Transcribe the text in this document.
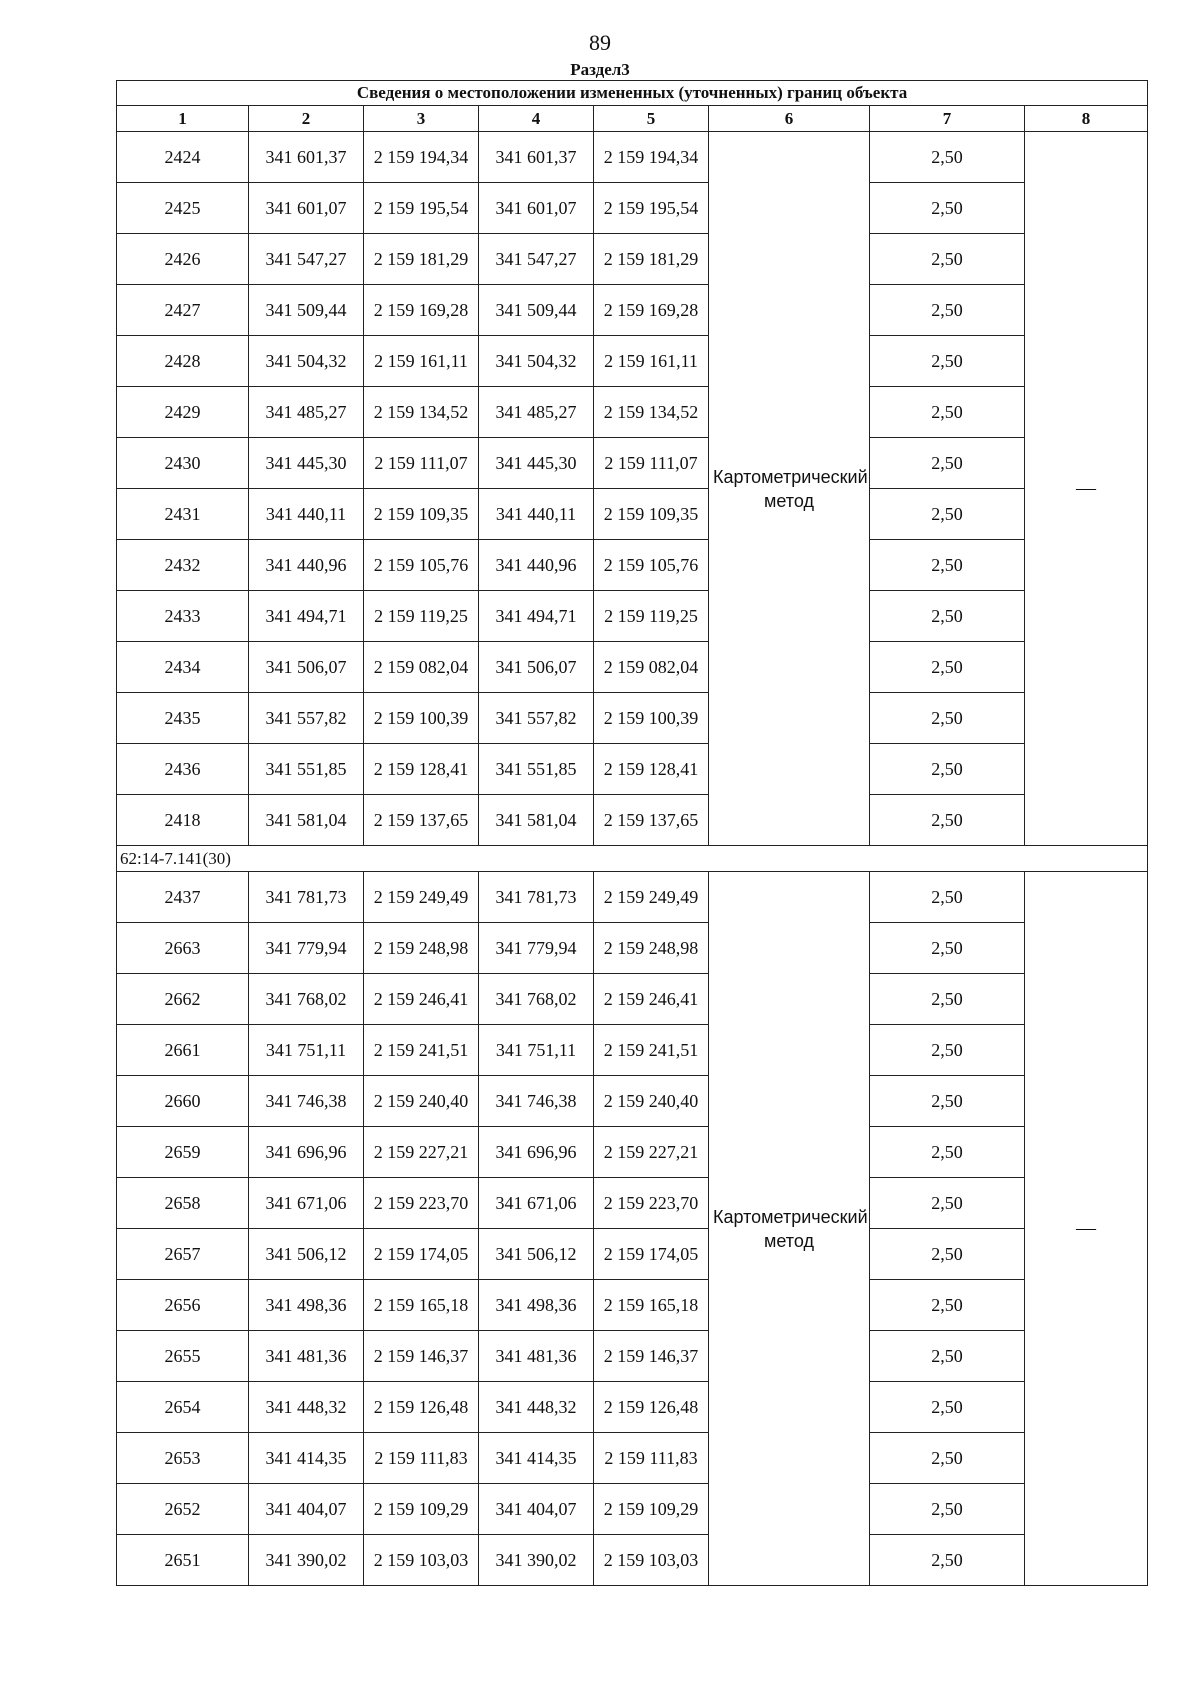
89
Раздел3
Сведения о местоположении измененных (уточненных) границ объекта							
1	2	3	4	5	6	7	8
2424	341 601,37	2 159 194,34	341 601,37	2 159 194,34	Картометрический метод	2,50	—
2425	341 601,07	2 159 195,54	341 601,07	2 159 195,54		2,50	
2426	341 547,27	2 159 181,29	341 547,27	2 159 181,29		2,50	
2427	341 509,44	2 159 169,28	341 509,44	2 159 169,28		2,50	
2428	341 504,32	2 159 161,11	341 504,32	2 159 161,11		2,50	
2429	341 485,27	2 159 134,52	341 485,27	2 159 134,52		2,50	
2430	341 445,30	2 159 111,07	341 445,30	2 159 111,07		2,50	
2431	341 440,11	2 159 109,35	341 440,11	2 159 109,35		2,50	
2432	341 440,96	2 159 105,76	341 440,96	2 159 105,76		2,50	
2433	341 494,71	2 159 119,25	341 494,71	2 159 119,25		2,50	
2434	341 506,07	2 159 082,04	341 506,07	2 159 082,04		2,50	
2435	341 557,82	2 159 100,39	341 557,82	2 159 100,39		2,50	
2436	341 551,85	2 159 128,41	341 551,85	2 159 128,41		2,50	
2418	341 581,04	2 159 137,65	341 581,04	2 159 137,65		2,50	
62:14-7.141(30)							
2437	341 781,73	2 159 249,49	341 781,73	2 159 249,49	Картометрический метод	2,50	—
2663	341 779,94	2 159 248,98	341 779,94	2 159 248,98		2,50	
2662	341 768,02	2 159 246,41	341 768,02	2 159 246,41		2,50	
2661	341 751,11	2 159 241,51	341 751,11	2 159 241,51		2,50	
2660	341 746,38	2 159 240,40	341 746,38	2 159 240,40		2,50	
2659	341 696,96	2 159 227,21	341 696,96	2 159 227,21		2,50	
2658	341 671,06	2 159 223,70	341 671,06	2 159 223,70		2,50	
2657	341 506,12	2 159 174,05	341 506,12	2 159 174,05		2,50	
2656	341 498,36	2 159 165,18	341 498,36	2 159 165,18		2,50	
2655	341 481,36	2 159 146,37	341 481,36	2 159 146,37		2,50	
2654	341 448,32	2 159 126,48	341 448,32	2 159 126,48		2,50	
2653	341 414,35	2 159 111,83	341 414,35	2 159 111,83		2,50	
2652	341 404,07	2 159 109,29	341 404,07	2 159 109,29		2,50	
2651	341 390,02	2 159 103,03	341 390,02	2 159 103,03		2,50	
